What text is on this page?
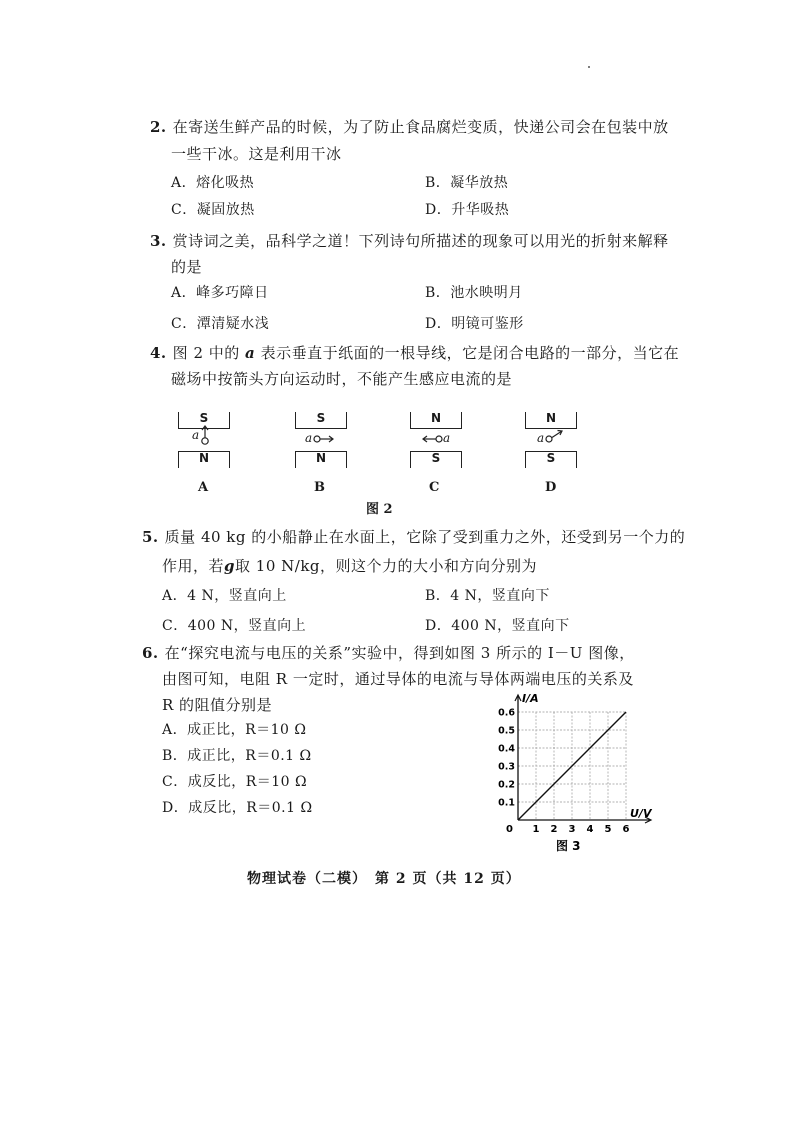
2. 在寄送生鲜产品的时候，为了防止食品腐烂变质，快递公司会在包装中放
一些干冰。这是利用干冰
A．熔化吸热	B．凝华放热
C．凝固放热	D．升华吸热
3. 赏诗词之美，品科学之道！下列诗句所描述的现象可以用光的折射来解释
的是
A．峰多巧障日	B．池水映明月
C．潭清疑水浅	D．明镜可鉴形
4. 图 2 中的 a 表示垂直于纸面的一根导线，它是闭合电路的一部分，当它在
磁场中按箭头方向运动时，不能产生感应电流的是
S
a
N
A
S
a
N
B
N
a
S
C
N
a
S
D
图 2
5. 质量 40 kg 的小船静止在水面上，它除了受到重力之外，还受到另一个力的
作用，若g取 10 N/kg，则这个力的大小和方向分别为
A．4 N，竖直向上	B．4 N，竖直向下
C．400 N，竖直向上	D．400 N，竖直向下
6. 在“探究电流与电压的关系”实验中，得到如图 3 所示的 I－U 图像，
由图可知，电阻 R 一定时，通过导体的电流与导体两端电压的关系及
R 的阻值分别是
A．成正比，R＝10 Ω
B．成正比，R＝0.1 Ω
C．成反比，R＝10 Ω
D．成反比，R＝0.1 Ω
1 2 3 4 5 6
0.1
0.2
0.3
0.4
0.5
0.6
I/A
U/V
0
图 3
物理试卷（二模）　第 2 页（共 12 页）
